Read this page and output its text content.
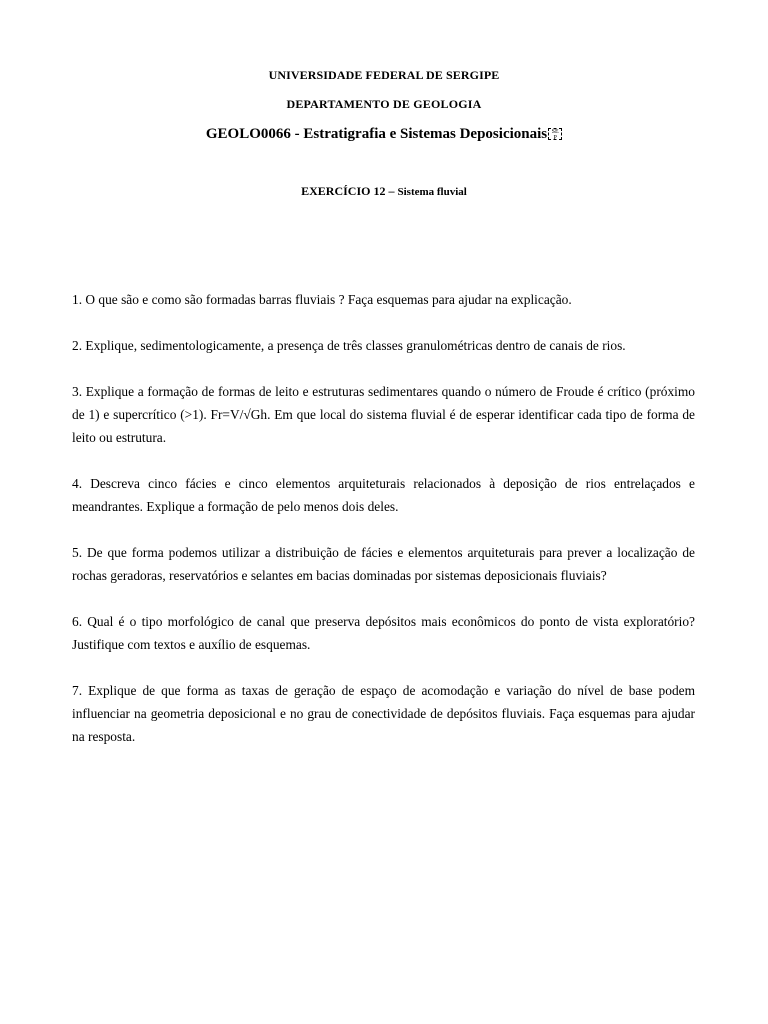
UNIVERSIDADE FEDERAL DE SERGIPE
DEPARTAMENTO DE GEOLOGIA
GEOLO0066 - Estratigrafia e Sistemas Deposicionais SE
P
EXERCÍCIO 12 – Sistema fluvial

1. O que são e como são formadas barras fluviais ? Faça esquemas para ajudar na explicação.

2. Explique, sedimentologicamente, a presença de três classes granulométricas dentro de canais de rios.

3. Explique a formação de formas de leito e estruturas sedimentares quando o número de Froude é crítico (próximo de 1) e supercrítico (>1). Fr=V/√Gh. Em que local do sistema fluvial é de esperar identificar cada tipo de forma de leito ou estrutura.

4. Descreva cinco fácies e cinco elementos arquiteturais relacionados à deposição de rios entrelaçados e meandrantes. Explique a formação de pelo menos dois deles.

5. De que forma podemos utilizar a distribuição de fácies e elementos arquiteturais para prever a localização de rochas geradoras, reservatórios e selantes em bacias dominadas por sistemas deposicionais fluviais?

6. Qual é o tipo morfológico de canal que preserva depósitos mais econômicos do ponto de vista exploratório? Justifique com textos e auxílio de esquemas.

7. Explique de que forma as taxas de geração de espaço de acomodação e variação do nível de base podem influenciar na geometria deposicional e no grau de conectividade de depósitos fluviais. Faça esquemas para ajudar na resposta.
